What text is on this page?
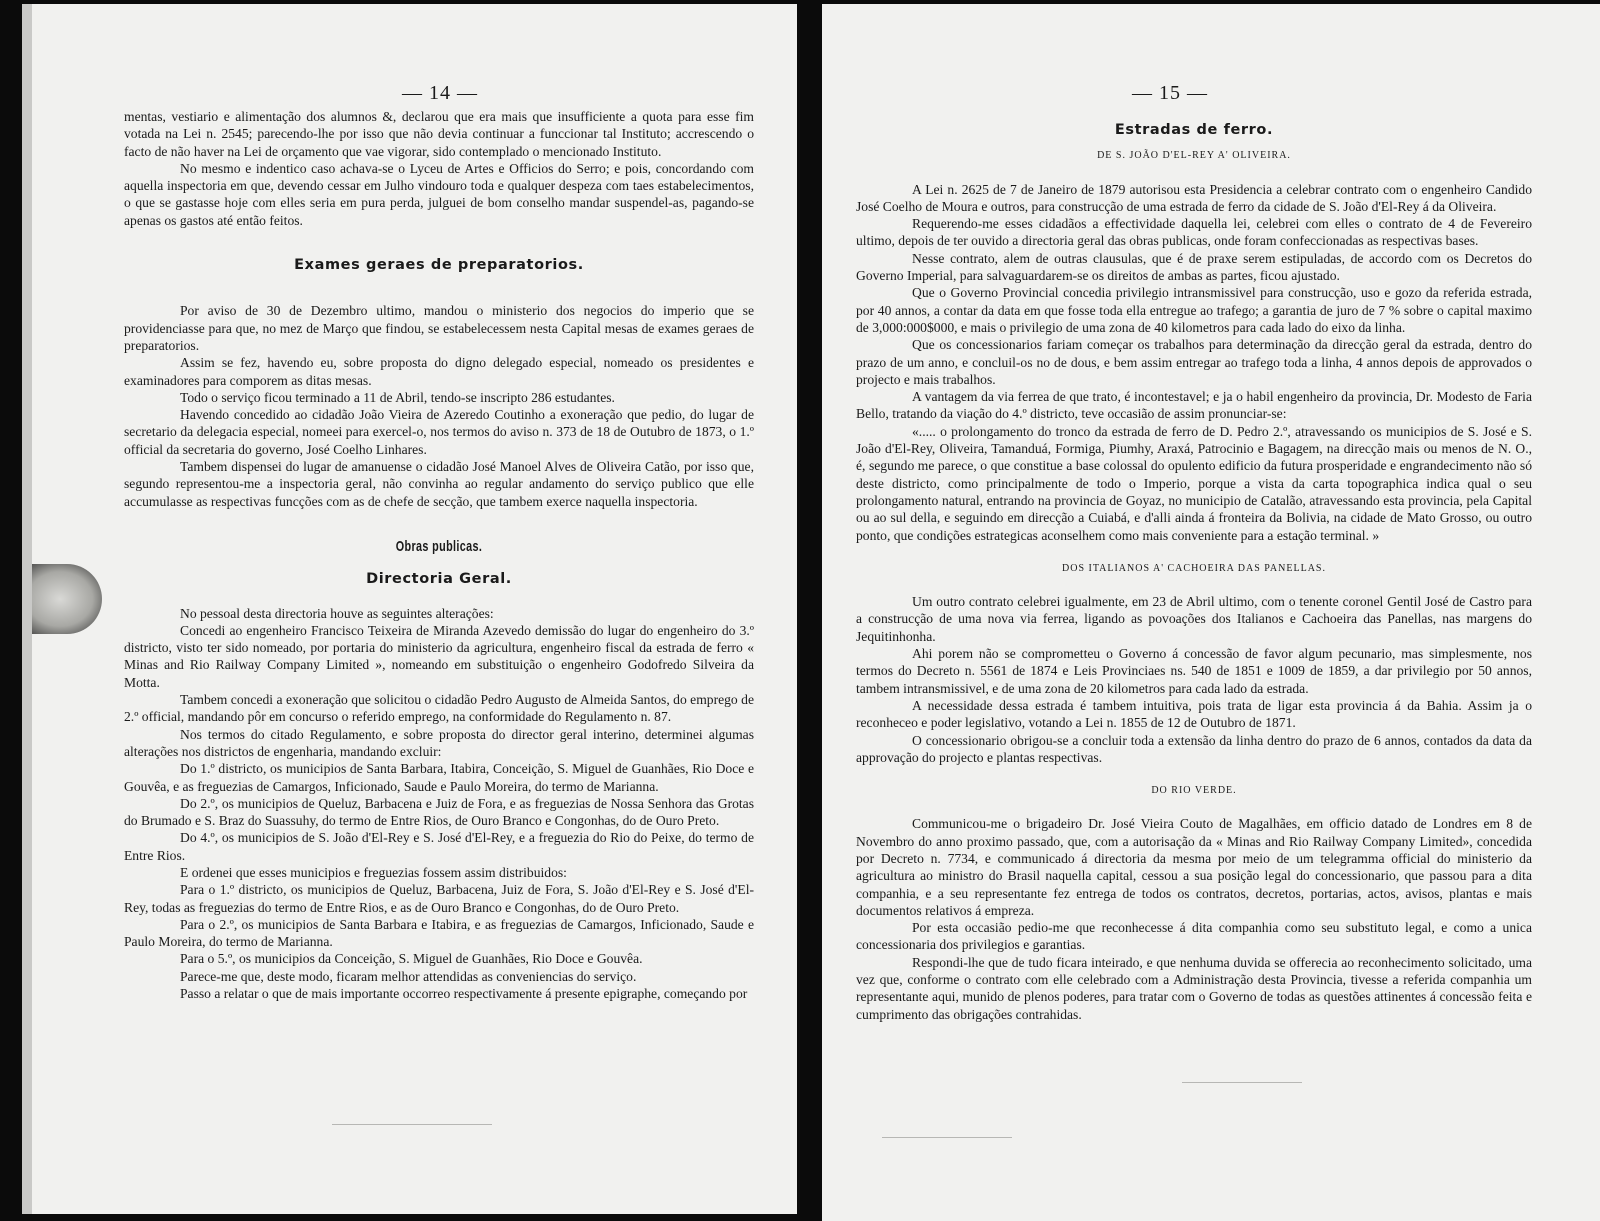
— 14 —

mentas, vestiario e alimentação dos alumnos &, declarou que era mais que insufficiente a quota para esse fim votada na Lei n. 2545; parecendo-lhe por isso que não devia continuar a funccionar tal Instituto; accrescendo o facto de não haver na Lei de orçamento que vae vigorar, sido contemplado o mencionado Instituto.

No mesmo e indentico caso achava-se o Lyceu de Artes e Officios do Serro; e pois, concordando com aquella inspectoria em que, devendo cessar em Julho vindouro toda e qualquer despeza com taes estabelecimentos, o que se gastasse hoje com elles seria em pura perda, julguei de bom conselho mandar suspendel-as, pagando-se apenas os gastos até então feitos.

Exames geraes de preparatorios.

Por aviso de 30 de Dezembro ultimo, mandou o ministerio dos negocios do imperio que se providenciasse para que, no mez de Março que findou, se estabelecessem nesta Capital mesas de exames geraes de preparatorios.

Assim se fez, havendo eu, sobre proposta do digno delegado especial, nomeado os presidentes e examinadores para comporem as ditas mesas.

Todo o serviço ficou terminado a 11 de Abril, tendo-se inscripto 286 estudantes.

Havendo concedido ao cidadão João Vieira de Azeredo Coutinho a exoneração que pedio, do lugar de secretario da delegacia especial, nomeei para exercel-o, nos termos do aviso n. 373 de 18 de Outubro de 1873, o 1.º official da secretaria do governo, José Coelho Linhares.

Tambem dispensei do lugar de amanuense o cidadão José Manoel Alves de Oliveira Catão, por isso que, segundo representou-me a inspectoria geral, não convinha ao regular andamento do serviço publico que elle accumulasse as respectivas funcções com as de chefe de secção, que tambem exerce naquella inspectoria.

Obras publicas.
Directoria Geral.

No pessoal desta directoria houve as seguintes alterações:

Concedi ao engenheiro Francisco Teixeira de Miranda Azevedo demissão do lugar do engenheiro do 3.º districto, visto ter sido nomeado, por portaria do ministerio da agricultura, engenheiro fiscal da estrada de ferro « Minas and Rio Railway Company Limited », nomeando em substituição o engenheiro Godofredo Silveira da Motta.

Tambem concedi a exoneração que solicitou o cidadão Pedro Augusto de Almeida Santos, do emprego de 2.º official, mandando pôr em concurso o referido emprego, na conformidade do Regulamento n. 87.

Nos termos do citado Regulamento, e sobre proposta do director geral interino, determinei algumas alterações nos districtos de engenharia, mandando excluir:

Do 1.º districto, os municipios de Santa Barbara, Itabira, Conceição, S. Miguel de Guanhães, Rio Doce e Gouvêa, e as freguezias de Camargos, Inficionado, Saude e Paulo Moreira, do termo de Marianna.

Do 2.º, os municipios de Queluz, Barbacena e Juiz de Fora, e as freguezias de Nossa Senhora das Grotas do Brumado e S. Braz do Suassuhy, do termo de Entre Rios, de Ouro Branco e Congonhas, do de Ouro Preto.

Do 4.º, os municipios de S. João d'El-Rey e S. José d'El-Rey, e a freguezia do Rio do Peixe, do termo de Entre Rios.

E ordenei que esses municipios e freguezias fossem assim distribuidos:

Para o 1.º districto, os municipios de Queluz, Barbacena, Juiz de Fora, S. João d'El-Rey e S. José d'El-Rey, todas as freguezias do termo de Entre Rios, e as de Ouro Branco e Congonhas, do de Ouro Preto.

Para o 2.º, os municipios de Santa Barbara e Itabira, e as freguezias de Camargos, Inficionado, Saude e Paulo Moreira, do termo de Marianna.

Para o 5.º, os municipios da Conceição, S. Miguel de Guanhães, Rio Doce e Gouvêa.

Parece-me que, deste modo, ficaram melhor attendidas as conveniencias do serviço.

Passo a relatar o que de mais importante occorreo respectivamente á presente epigraphe, começando por

— 15 —
Estradas de ferro.
DE S. JOÃO D'EL-REY A' OLIVEIRA.

A Lei n. 2625 de 7 de Janeiro de 1879 autorisou esta Presidencia a celebrar contrato com o engenheiro Candido José Coelho de Moura e outros, para construcção de uma estrada de ferro da cidade de S. João d'El-Rey á da Oliveira.

Requerendo-me esses cidadãos a effectividade daquella lei, celebrei com elles o contrato de 4 de Fevereiro ultimo, depois de ter ouvido a directoria geral das obras publicas, onde foram confeccionadas as respectivas bases.

Nesse contrato, alem de outras clausulas, que é de praxe serem estipuladas, de accordo com os Decretos do Governo Imperial, para salvaguardarem-se os direitos de ambas as partes, ficou ajustado.

Que o Governo Provincial concedia privilegio intransmissivel para construcção, uso e gozo da referida estrada, por 40 annos, a contar da data em que fosse toda ella entregue ao trafego; a garantia de juro de 7 % sobre o capital maximo de 3,000:000$000, e mais o privilegio de uma zona de 40 kilometros para cada lado do eixo da linha.

Que os concessionarios fariam começar os trabalhos para determinação da direcção geral da estrada, dentro do prazo de um anno, e concluil-os no de dous, e bem assim entregar ao trafego toda a linha, 4 annos depois de approvados o projecto e mais trabalhos.

A vantagem da via ferrea de que trato, é incontestavel; e ja o habil engenheiro da provincia, Dr. Modesto de Faria Bello, tratando da viação do 4.º districto, teve occasião de assim pronunciar-se:

«..... o prolongamento do tronco da estrada de ferro de D. Pedro 2.º, atravessando os municipios de S. José e S. João d'El-Rey, Oliveira, Tamanduá, Formiga, Piumhy, Araxá, Patrocinio e Bagagem, na direcção mais ou menos de N. O., é, segundo me parece, o que constitue a base colossal do opulento edificio da futura prosperidade e engrandecimento não só deste districto, como principalmente de todo o Imperio, porque a vista da carta topographica indica qual o seu prolongamento natural, entrando na provincia de Goyaz, no municipio de Catalão, atravessando esta provincia, pela Capital ou ao sul della, e seguindo em direcção a Cuiabá, e d'alli ainda á fronteira da Bolivia, na cidade de Mato Grosso, ou outro ponto, que condições estrategicas aconselhem como mais conveniente para a estação terminal. »

DOS ITALIANOS A' CACHOEIRA DAS PANELLAS.

Um outro contrato celebrei igualmente, em 23 de Abril ultimo, com o tenente coronel Gentil José de Castro para a construcção de uma nova via ferrea, ligando as povoações dos Italianos e Cachoeira das Panellas, nas margens do Jequitinhonha.

Ahi porem não se comprometteu o Governo á concessão de favor algum pecunario, mas simplesmente, nos termos do Decreto n. 5561 de 1874 e Leis Provinciaes ns. 540 de 1851 e 1009 de 1859, a dar privilegio por 50 annos, tambem intransmissivel, e de uma zona de 20 kilometros para cada lado da estrada.

A necessidade dessa estrada é tambem intuitiva, pois trata de ligar esta provincia á da Bahia. Assim ja o reconheceo e poder legislativo, votando a Lei n. 1855 de 12 de Outubro de 1871.

O concessionario obrigou-se a concluir toda a extensão da linha dentro do prazo de 6 annos, contados da data da approvação do projecto e plantas respectivas.

DO RIO VERDE.

Communicou-me o brigadeiro Dr. José Vieira Couto de Magalhães, em officio datado de Londres em 8 de Novembro do anno proximo passado, que, com a autorisação da « Minas and Rio Railway Company Limited», concedida por Decreto n. 7734, e communicado á directoria da mesma por meio de um telegramma official do ministerio da agricultura ao ministro do Brasil naquella capital, cessou a sua posição legal do concessionario, que passou para a dita companhia, e a seu representante fez entrega de todos os contratos, decretos, portarias, actos, avisos, plantas e mais documentos relativos á empreza.

Por esta occasião pedio-me que reconhecesse á dita companhia como seu substituto legal, e como a unica concessionaria dos privilegios e garantias.

Respondi-lhe que de tudo ficara inteirado, e que nenhuma duvida se offerecia ao reconhecimento solicitado, uma vez que, conforme o contrato com elle celebrado com a Administração desta Provincia, tivesse a referida companhia um representante aqui, munido de plenos poderes, para tratar com o Governo de todas as questões attinentes á concessão feita e cumprimento das obrigações contrahidas.
